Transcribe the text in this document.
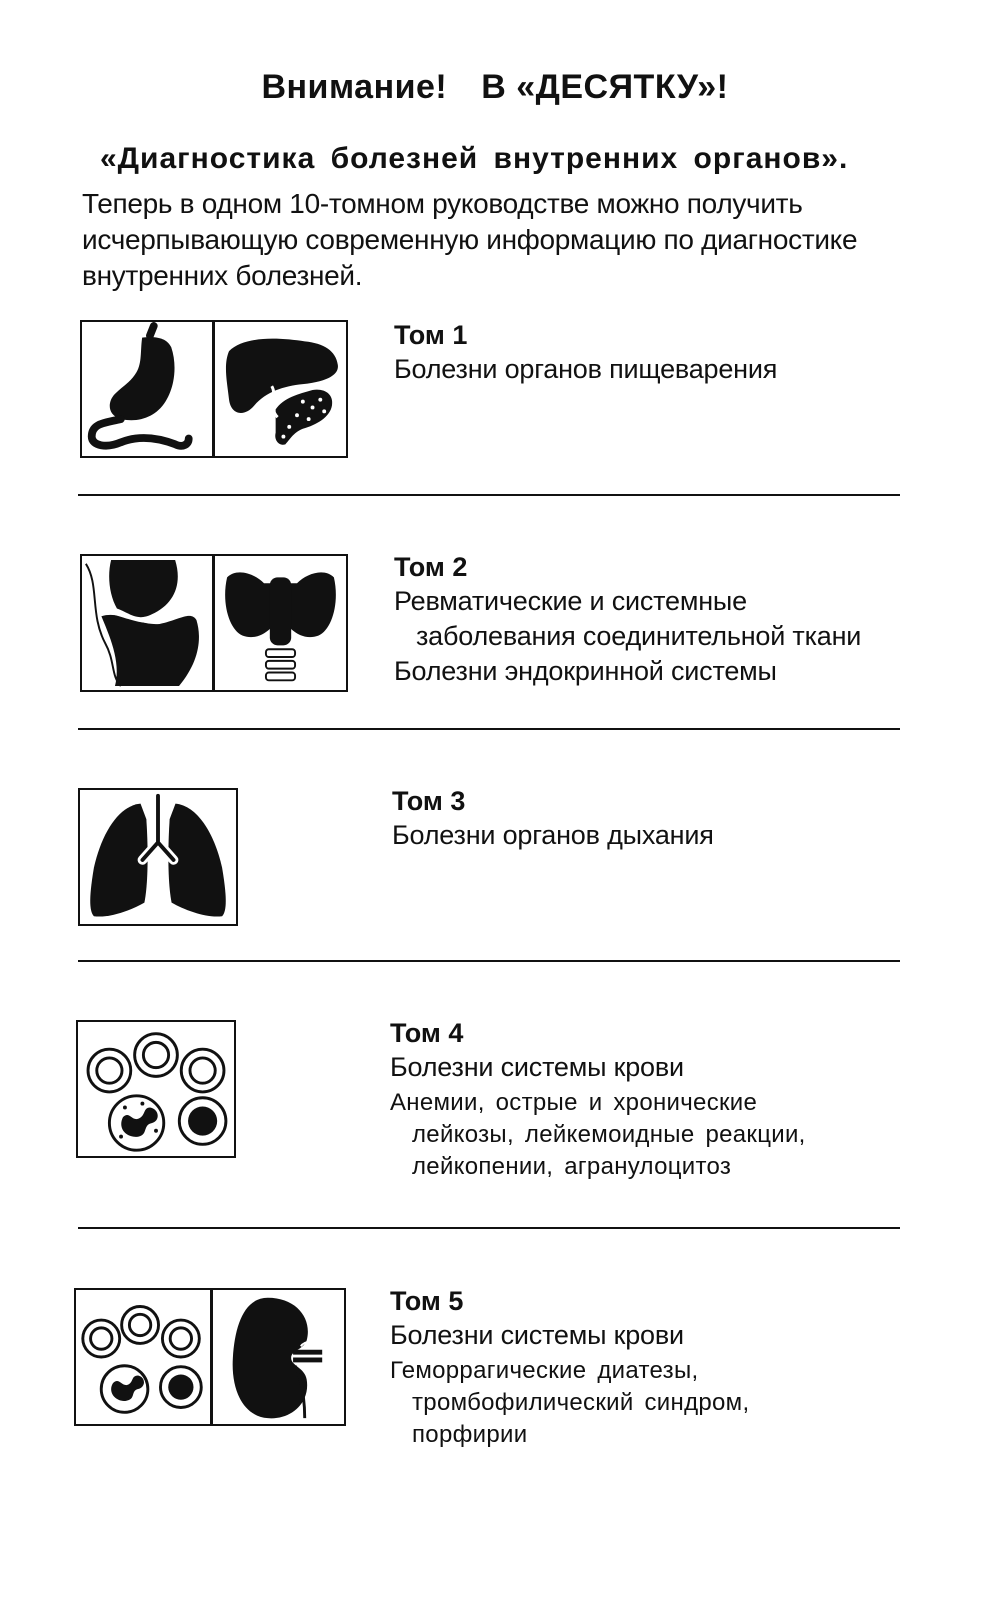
Внимание! В «ДЕСЯТКУ»!
«Диагностика болезней внутренних органов».
Теперь в одном 10-томном руководстве можно получить исчерпывающую современную информацию по диагностике внутренних болезней.
Том 1
Болезни органов пищеварения
Том 2
Ревматические и системные
заболевания соединительной ткани
Болезни эндокринной системы
Том 3
Болезни органов дыхания
Том 4
Болезни системы крови
Анемии, острые и хронические
лейкозы, лейкемоидные реакции,
лейкопении, агранулоцитоз
Том 5
Болезни системы крови
Геморрагические диатезы,
тромбофилический синдром,
порфирии
